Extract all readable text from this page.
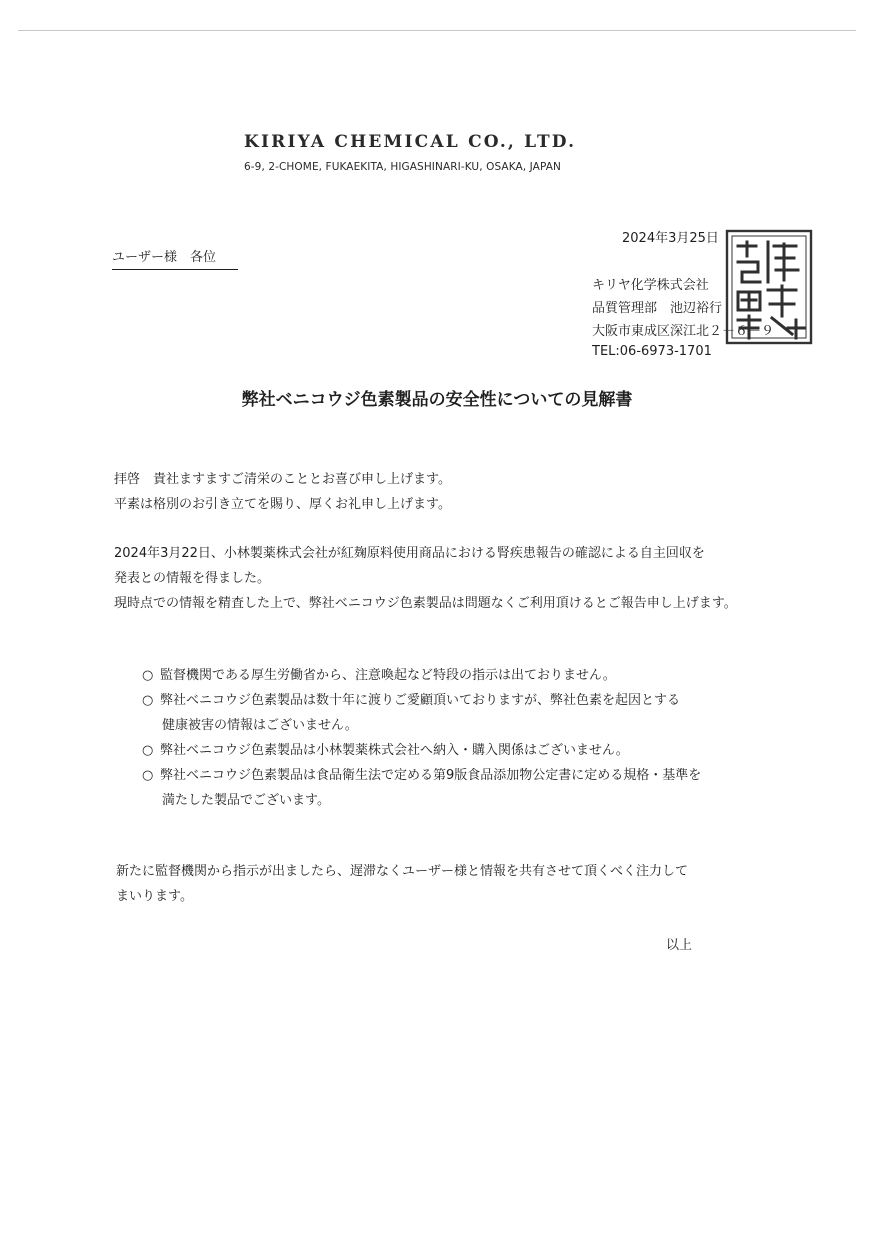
KIRIYA CHEMICAL CO., LTD.
6-9, 2-CHOME, FUKAEKITA, HIGASHINARI-KU, OSAKA, JAPAN
2024年3月25日
ユーザー様　各位
キリヤ化学株式会社
品質管理部　池辺裕行
大阪市東成区深江北２－６－９
TEL:06-6973-1701
弊社ベニコウジ色素製品の安全性についての見解書
拝啓　貴社ますますご清栄のこととお喜び申し上げます。
平素は格別のお引き立てを賜り、厚くお礼申し上げます。
2024年3月22日、小林製薬株式会社が紅麹原料使用商品における腎疾患報告の確認による自主回収を
発表との情報を得ました。
現時点での情報を精査した上で、弊社ベニコウジ色素製品は問題なくご利用頂けるとご報告申し上げます。
○ 監督機関である厚生労働省から、注意喚起など特段の指示は出ておりません。
○ 弊社ベニコウジ色素製品は数十年に渡りご愛顧頂いておりますが、弊社色素を起因とする
健康被害の情報はございません。
○ 弊社ベニコウジ色素製品は小林製薬株式会社へ納入・購入関係はございません。
○ 弊社ベニコウジ色素製品は食品衛生法で定める第9版食品添加物公定書に定める規格・基準を
満たした製品でございます。
新たに監督機関から指示が出ましたら、遅滞なくユーザー様と情報を共有させて頂くべく注力して
まいります。
以上
